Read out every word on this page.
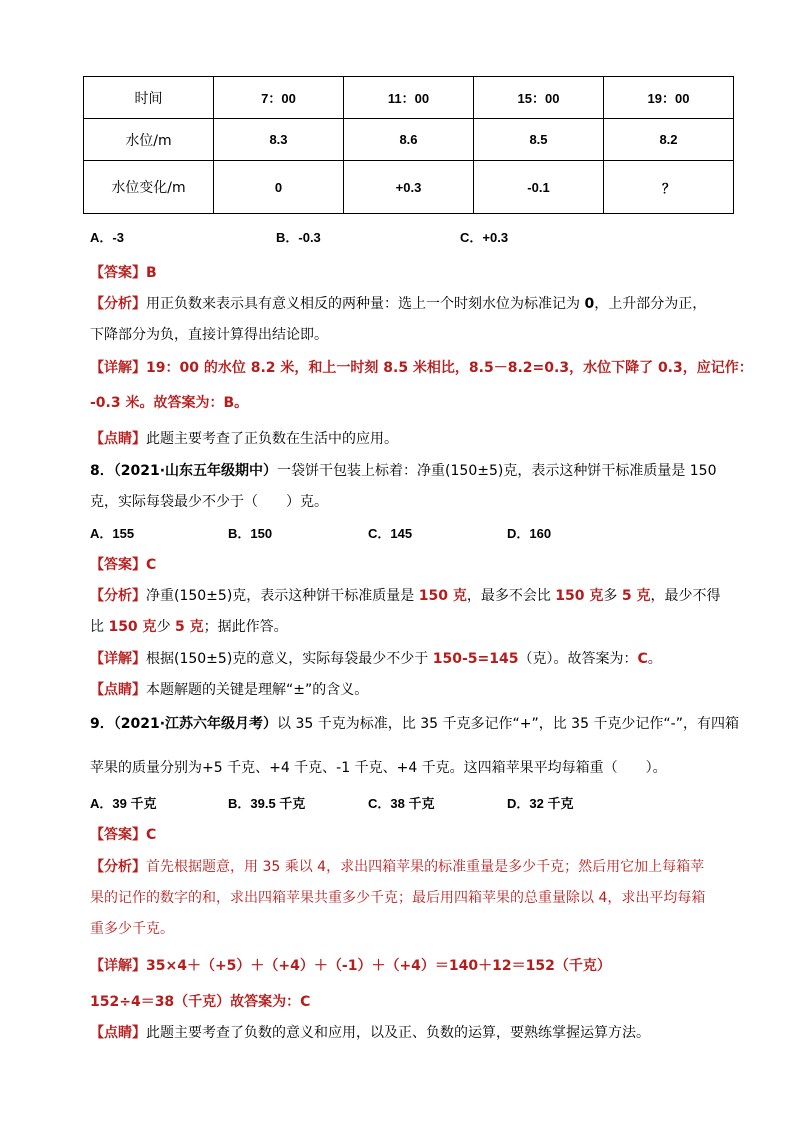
时间	7：00	11：00	15：00	19：00
水位/m	8.3	8.6	8.5	8.2
水位变化/m	0	+0.3	-0.1	？
A．-3	B．-0.3	C．+0.3
【答案】B
【分析】用正负数来表示具有意义相反的两种量：选上一个时刻水位为标准记为 0，上升部分为正，
下降部分为负，直接计算得出结论即。
【详解】19：00 的水位 8.2 米，和上一时刻 8.5 米相比，8.5－8.2=0.3，水位下降了 0.3，应记作：
-0.3 米。故答案为：B。
【点睛】此题主要考查了正负数在生活中的应用。
8．（2021·山东五年级期中）一袋饼干包装上标着：净重(150±5)克，表示这种饼干标准质量是 150
克，实际每袋最少不少于（　　）克。
A．155	B．150	C．145	D．160
【答案】C
【分析】净重(150±5)克，表示这种饼干标准质量是 150 克，最多不会比 150 克多 5 克，最少不得
比 150 克少 5 克；据此作答。
【详解】根据(150±5)克的意义，实际每袋最少不少于 150-5=145（克）。故答案为：C。
【点睛】本题解题的关键是理解“±”的含义。
9．（2021·江苏六年级月考）以 35 千克为标准，比 35 千克多记作“+”，比 35 千克少记作“-”，有四箱
苹果的质量分别为+5 千克、+4 千克、-1 千克、+4 千克。这四箱苹果平均每箱重（　　）。
A．39 千克	B．39.5 千克	C．38 千克	D．32 千克
【答案】C
【分析】首先根据题意，用 35 乘以 4，求出四箱苹果的标准重量是多少千克；然后用它加上每箱苹
果的记作的数字的和，求出四箱苹果共重多少千克；最后用四箱苹果的总重量除以 4，求出平均每箱
重多少千克。
【详解】35×4＋（+5）＋（+4）＋（-1）＋（+4）＝140＋12＝152（千克）
152÷4＝38（千克）故答案为：C
【点睛】此题主要考查了负数的意义和应用，以及正、负数的运算，要熟练掌握运算方法。
